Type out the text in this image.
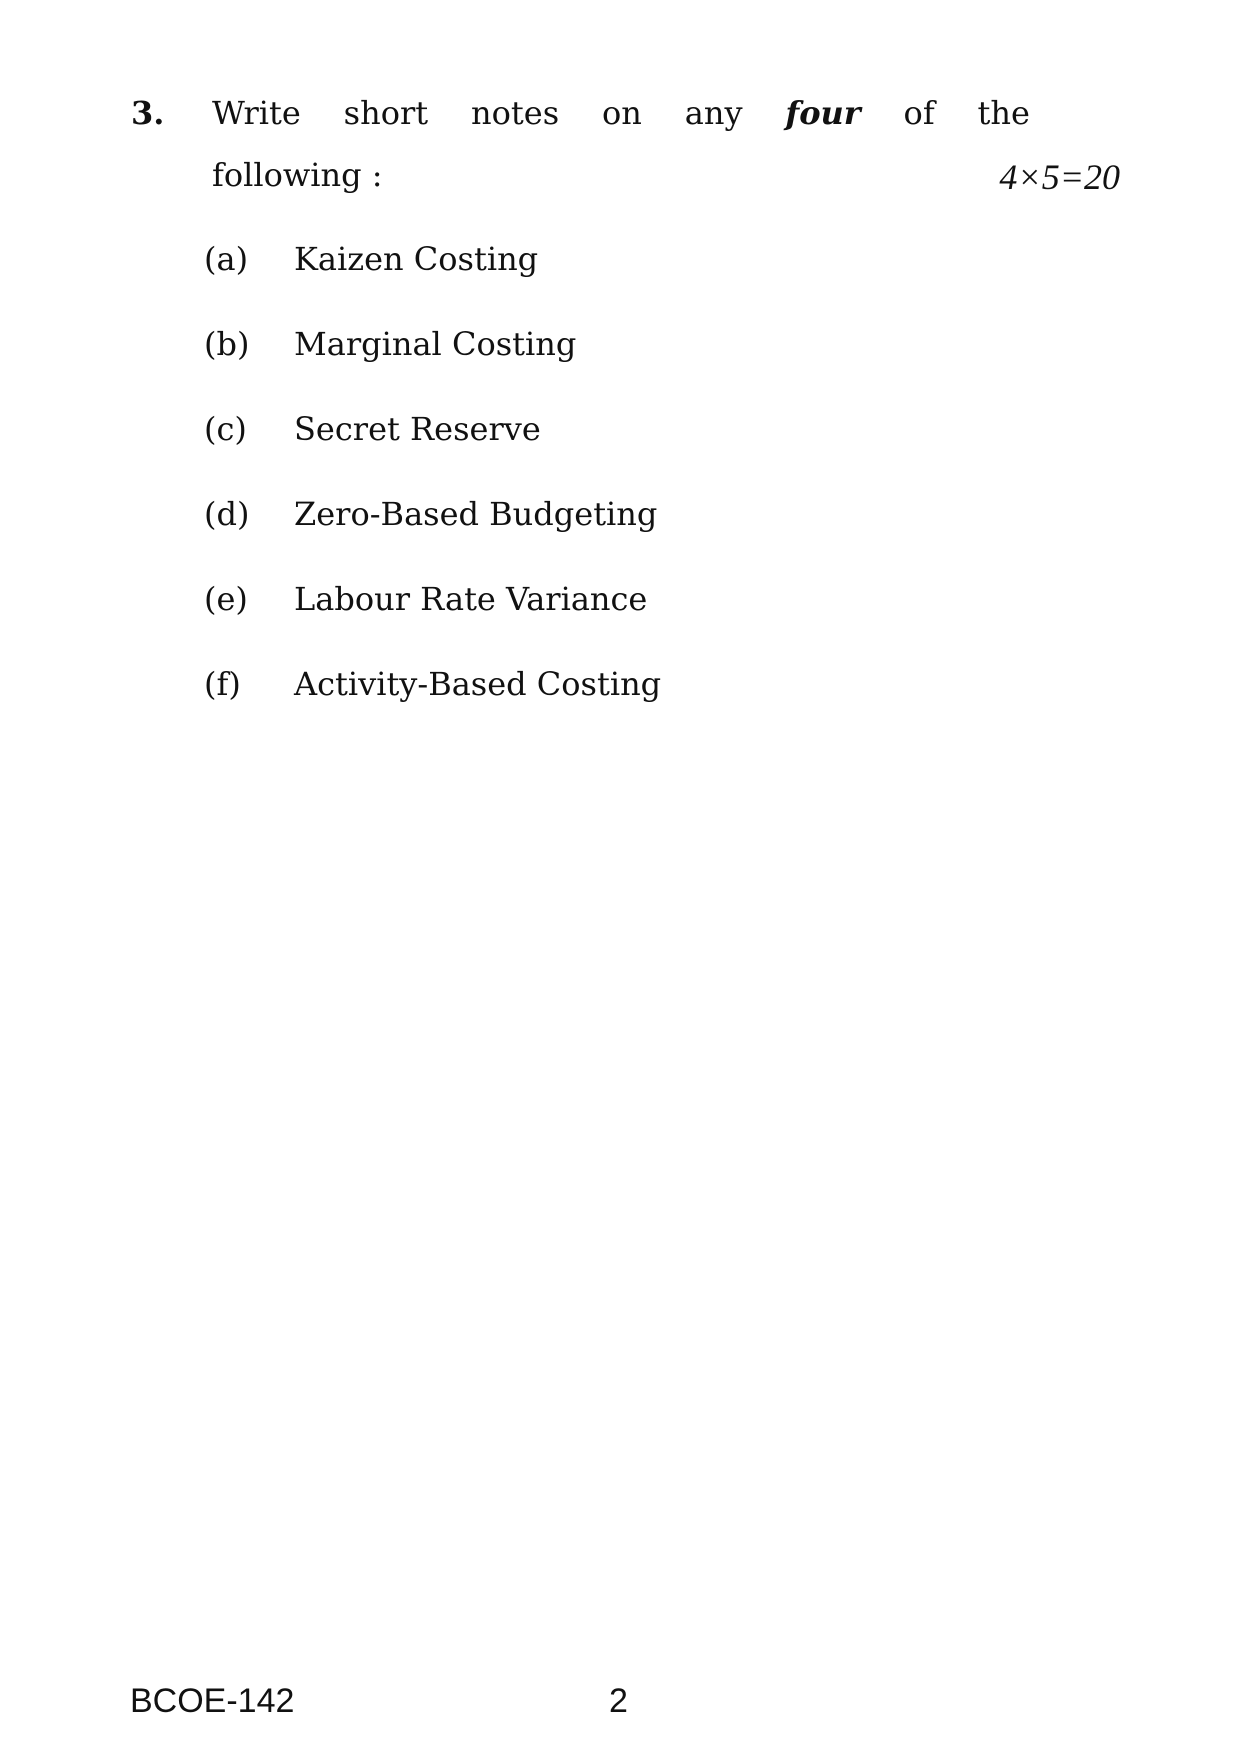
3. Write short notes on any four of the
following :	4×5=20
(a) Kaizen Costing
(b) Marginal Costing
(c) Secret Reserve
(d) Zero-Based Budgeting
(e) Labour Rate Variance
(f) Activity-Based Costing
BCOE-142	2
